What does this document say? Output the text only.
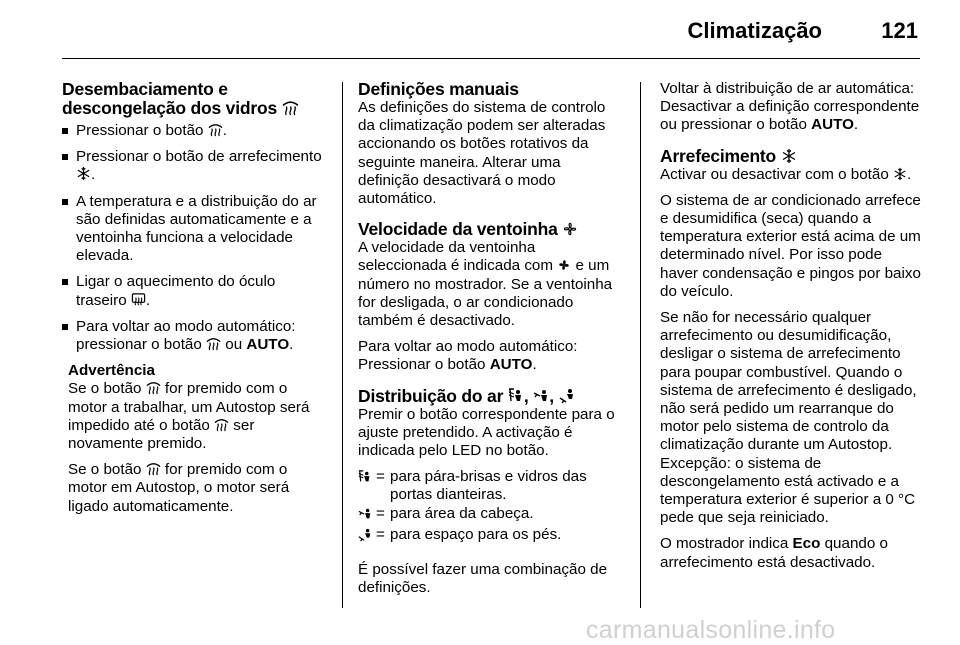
Climatização	121
Desembaciamento e
descongelação dos vidros
Pressionar o botão
.
Pressionar o botão de arrefecimento
.
A temperatura e a distribuição do ar são definidas automaticamente e a ventoinha funciona a velocidade elevada.
Ligar o aquecimento do óculo traseiro
.
Para voltar ao modo automático: pressionar o botão
ou AUTO.

Advertência

Se o botão
for premido com o motor a trabalhar, um Autostop será impedido até o botão
ser novamente premido.

Se o botão
for premido com o motor em Autostop, o motor será ligado automaticamente.

Definições manuais

As definições do sistema de controlo da climatização podem ser alteradas accionando os botões rotativos da seguinte maneira. Alterar uma definição desactivará o modo automático.

Velocidade da ventoinha

A velocidade da ventoinha seleccionada é indicada com
e um número no mostrador. Se a ventoinha for desligada, o ar condicionado também é desactivado.

Para voltar ao modo automático: Pressionar o botão AUTO.

Distribuição do ar ,
,

Premir o botão correspondente para o ajuste pretendido. A activação é indicada pelo LED no botão.

= para pára-brisas e vidros das portas dianteiras.
= para área da cabeça.
= para espaço para os pés.

É possível fazer uma combinação de definições.

Voltar à distribuição de ar automática: Desactivar a definição correspondente ou pressionar o botão AUTO.

Arrefecimento

Activar ou desactivar com o botão
.

O sistema de ar condicionado arrefece e desumidifica (seca) quando a temperatura exterior está acima de um determinado nível. Por isso pode haver condensação e pingos por baixo do veículo.

Se não for necessário qualquer arrefecimento ou desumidificação, desligar o sistema de arrefecimento para poupar combustível. Quando o sistema de arrefecimento é desligado, não será pedido um rearranque do motor pelo sistema de controlo da climatização durante um Autostop. Excepção: o sistema de descongelamento está activado e a temperatura exterior é superior a 0 °C pede que seja reiniciado.

O mostrador indica Eco quando o arrefecimento está desactivado.

carmanualsonline.info
